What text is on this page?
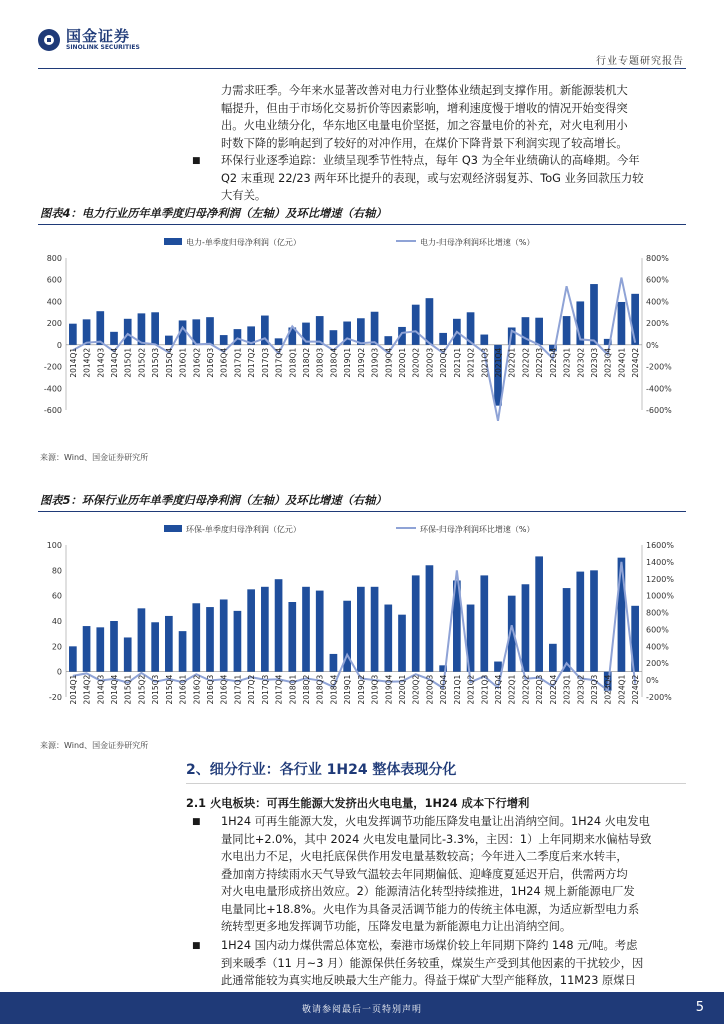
国金证券
SINOLINK SECURITIES
行业专题研究报告
力需求旺季。今年来水显著改善对电力行业整体业绩起到支撑作用。新能源装机大
幅提升，但由于市场化交易折价等因素影响，增利速度慢于增收的情况开始变得突
出。火电业绩分化，华东地区电量电价坚挺，加之容量电价的补充，对火电利用小
时数下降的影响起到了较好的对冲作用，在煤价下降背景下利润实现了较高增长。
■ 环保行业逐季追踪：业绩呈现季节性特点，每年 Q3 为全年业绩确认的高峰期。今年
Q2 末重现 22/23 两年环比提升的表现，或与宏观经济弱复苏、ToG 业务回款压力较
大有关。
图表4：电力行业历年单季度归母净利润（左轴）及环比增速（右轴）
电力-单季度归母净利润（亿元）	电力-归母净利润环比增速（%）
-600
-400
-200
0
200
400
600
800
-600%
-400%
-200%
0%
200%
400%
600%
800%
2014Q1 2014Q2 2014Q3 2014Q4 2015Q1 2015Q2 2015Q3 2015Q4 2016Q1 2016Q2 2016Q3 2016Q4 2017Q1 2017Q2 2017Q3 2017Q4 2018Q1 2018Q2 2018Q3 2018Q4 2019Q1 2019Q2 2019Q3 2019Q4 2020Q1 2020Q2 2020Q3 2020Q4 2021Q1 2021Q2 2021Q3 2021Q4 2022Q1 2022Q2 2022Q3 2022Q4 2023Q1 2023Q2 2023Q3 2023Q4 2024Q1 2024Q2
来源：Wind、国金证券研究所
图表5：环保行业历年单季度归母净利润（左轴）及环比增速（右轴）
环保-单季度归母净利润（亿元）	环保-归母净利润环比增速（%）
-20
0
20
40
60
80
100
-200%
0%
200%
400%
600%
800%
1000%
1200%
1400%
1600%
2014Q1 2014Q2 2014Q3 2014Q4 2015Q1 2015Q2 2015Q3 2015Q4 2016Q1 2016Q2 2016Q3 2016Q4 2017Q1 2017Q2 2017Q3 2017Q4 2018Q1 2018Q2 2018Q3 2018Q4 2019Q1 2019Q2 2019Q3 2019Q4 2020Q1 2020Q2 2020Q3 2020Q4 2021Q1 2021Q2 2021Q3 2021Q4 2022Q1 2022Q2 2022Q3 2022Q4 2023Q1 2023Q2 2023Q3 2023Q4 2024Q1 2024Q2
来源：Wind、国金证券研究所
2、细分行业：各行业 1H24 整体表现分化
2.1 火电板块：可再生能源大发挤出火电电量，1H24 成本下行增利
■ 1H24 可再生能源大发，火电发挥调节功能压降发电量让出消纳空间。1H24 火电发电
量同比+2.0%，其中 2024 火电发电量同比-3.3%，主因：1）上年同期来水偏枯导致
水电出力不足，火电托底保供作用发电量基数较高；今年进入二季度后来水转丰，
叠加南方持续雨水天气导致气温较去年同期偏低、迎峰度夏延迟开启，供需两方均
对火电电量形成挤出效应。2）能源清洁化转型持续推进，1H24 规上新能源电厂发
电量同比+18.8%。火电作为具备灵活调节能力的传统主体电源，为适应新型电力系
统转型更多地发挥调节功能，压降发电量为新能源电力让出消纳空间。
■ 1H24 国内动力煤供需总体宽松，秦港市场煤价较上年同期下降约 148 元/吨。考虑
到来暖季（11 月~3 月）能源保供任务较重，煤炭生产受到其他因素的干扰较少，因
此通常能较为真实地反映最大生产能力。得益于煤矿大型产能释放，11M23 原煤日
敬请参阅最后一页特别声明	5
